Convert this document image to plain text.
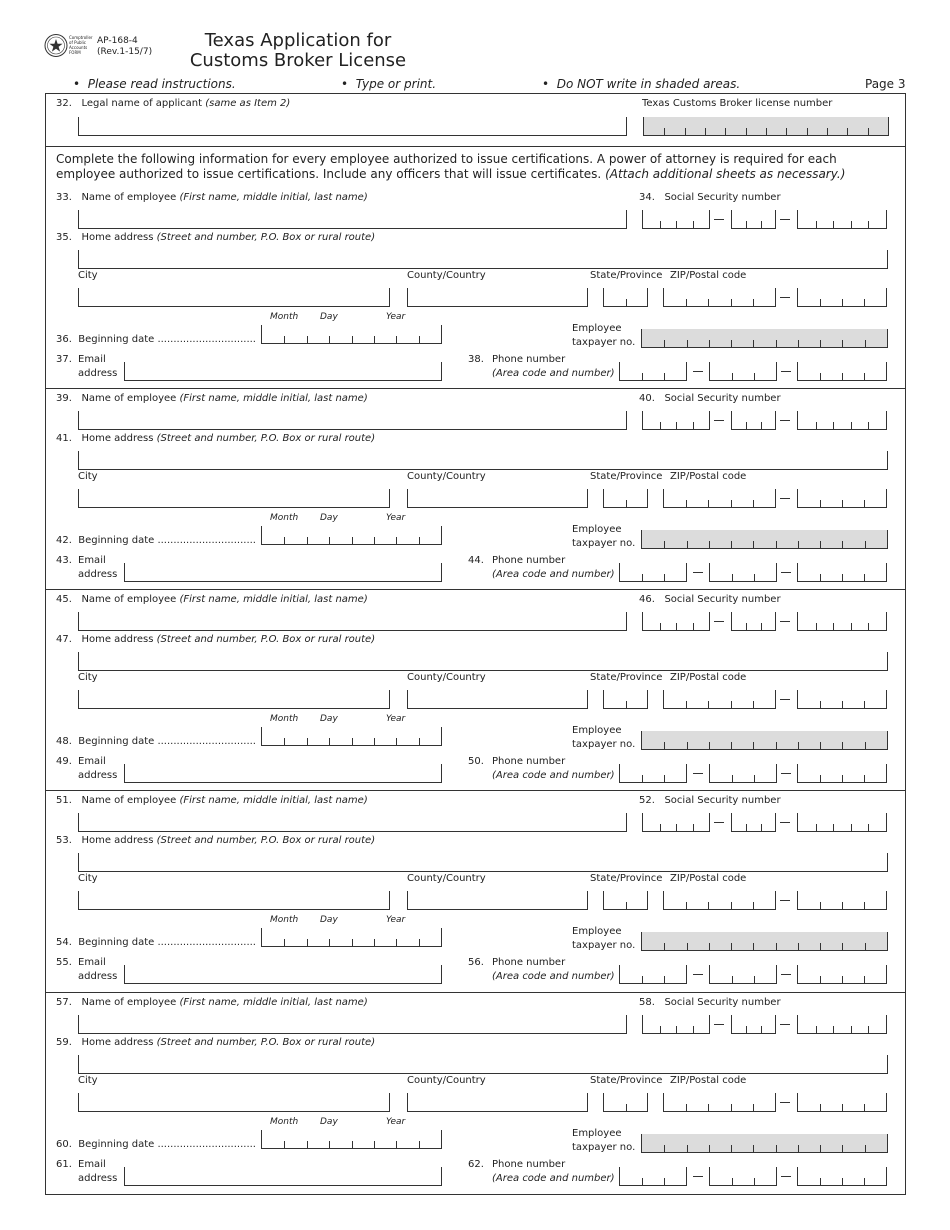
Comptroller of Public Accounts FORM
AP-168-4
(Rev.1-15/7)
Texas Application for
Customs Broker License
•  Please read instructions.	•  Type or print.	•  Do NOT write in shaded areas.	Page 3
32. Legal name of applicant (same as Item 2)	Texas Customs Broker license number
Complete the following information for every employee authorized to issue certifications. A power of attorney is required for each employee authorized to issue certifications. Include any officers that will issue certificates. (Attach additional sheets as necessary.)
33. Name of employee (First name, middle initial, last name)	34. Social Security number
35. Home address (Street and number, P.O. Box or rural route)
City	County/Country	State/Province ZIP/Postal code
Month Day	Year
36. Beginning date ...............................
Employee
taxpayer no.
37. Email
address
38. Phone number
(Area code and number)
39. Name of employee (First name, middle initial, last name)	40. Social Security number
41. Home address (Street and number, P.O. Box or rural route)
City	County/Country	State/Province ZIP/Postal code
Month Day	Year
42. Beginning date ...............................
Employee
taxpayer no.
43. Email
address
44. Phone number
(Area code and number)
45. Name of employee (First name, middle initial, last name)	46. Social Security number
47. Home address (Street and number, P.O. Box or rural route)
City	County/Country	State/Province ZIP/Postal code
Month Day	Year
48. Beginning date ...............................
Employee
taxpayer no.
49. Email
address
50. Phone number
(Area code and number)
51. Name of employee (First name, middle initial, last name)	52. Social Security number
53. Home address (Street and number, P.O. Box or rural route)
City	County/Country	State/Province ZIP/Postal code
Month Day	Year
54. Beginning date ...............................
Employee
taxpayer no.
55. Email
address
56. Phone number
(Area code and number)
57. Name of employee (First name, middle initial, last name)	58. Social Security number
59. Home address (Street and number, P.O. Box or rural route)
City	County/Country	State/Province ZIP/Postal code
Month Day	Year
60. Beginning date ...............................
Employee
taxpayer no.
61. Email
address
62. Phone number
(Area code and number)
